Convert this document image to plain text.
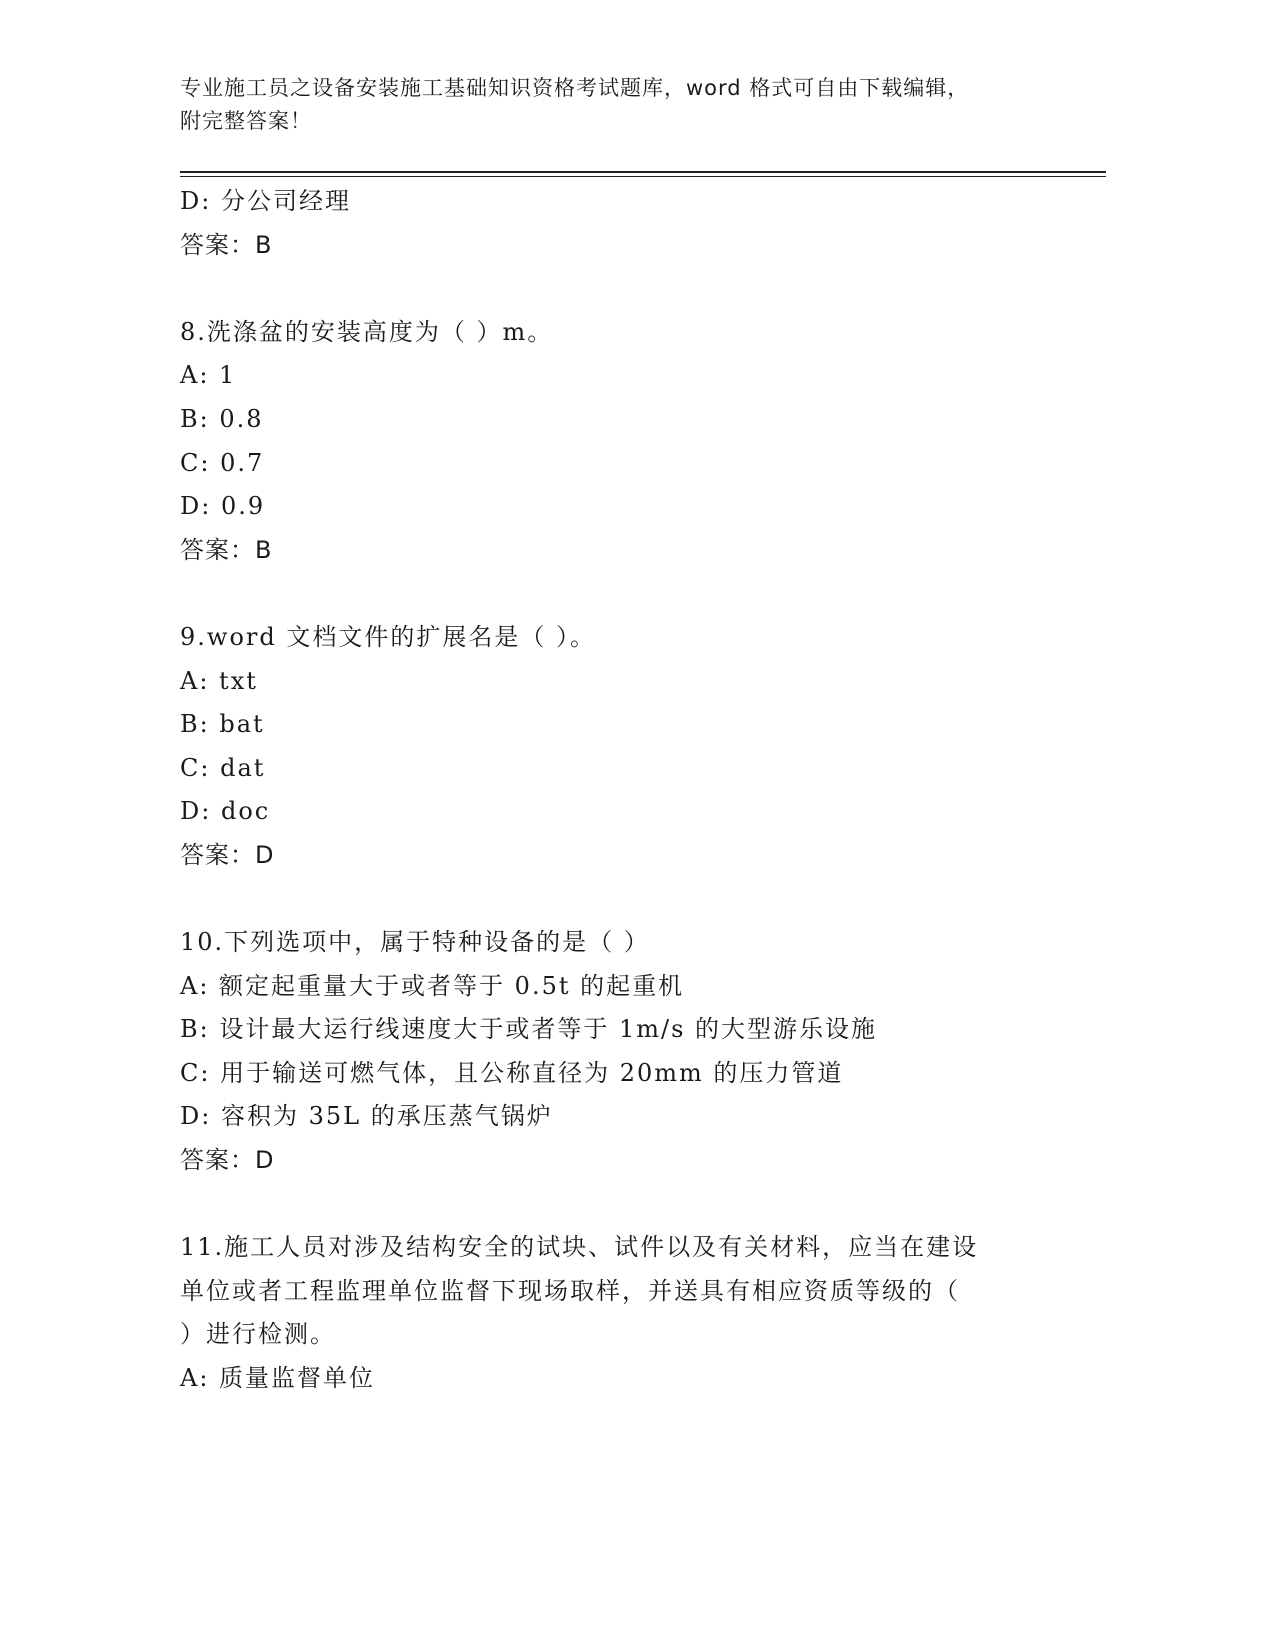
专业施工员之设备安装施工基础知识资格考试题库，word 格式可自由下载编辑，
附完整答案！
D: 分公司经理
答案：B
8.洗涤盆的安装高度为（ ）m。
A: 1
B: 0.8
C: 0.7
D: 0.9
答案：B
9.word 文档文件的扩展名是（ ）。
A: txt
B: bat
C: dat
D: doc
答案：D
10.下列选项中，属于特种设备的是（ ）
A: 额定起重量大于或者等于 0.5t 的起重机
B: 设计最大运行线速度大于或者等于 1m/s 的大型游乐设施
C: 用于输送可燃气体，且公称直径为 20mm 的压力管道
D: 容积为 35L 的承压蒸气锅炉
答案：D
11.施工人员对涉及结构安全的试块、试件以及有关材料，应当在建设
单位或者工程监理单位监督下现场取样，并送具有相应资质等级的（
）进行检测。
A: 质量监督单位
